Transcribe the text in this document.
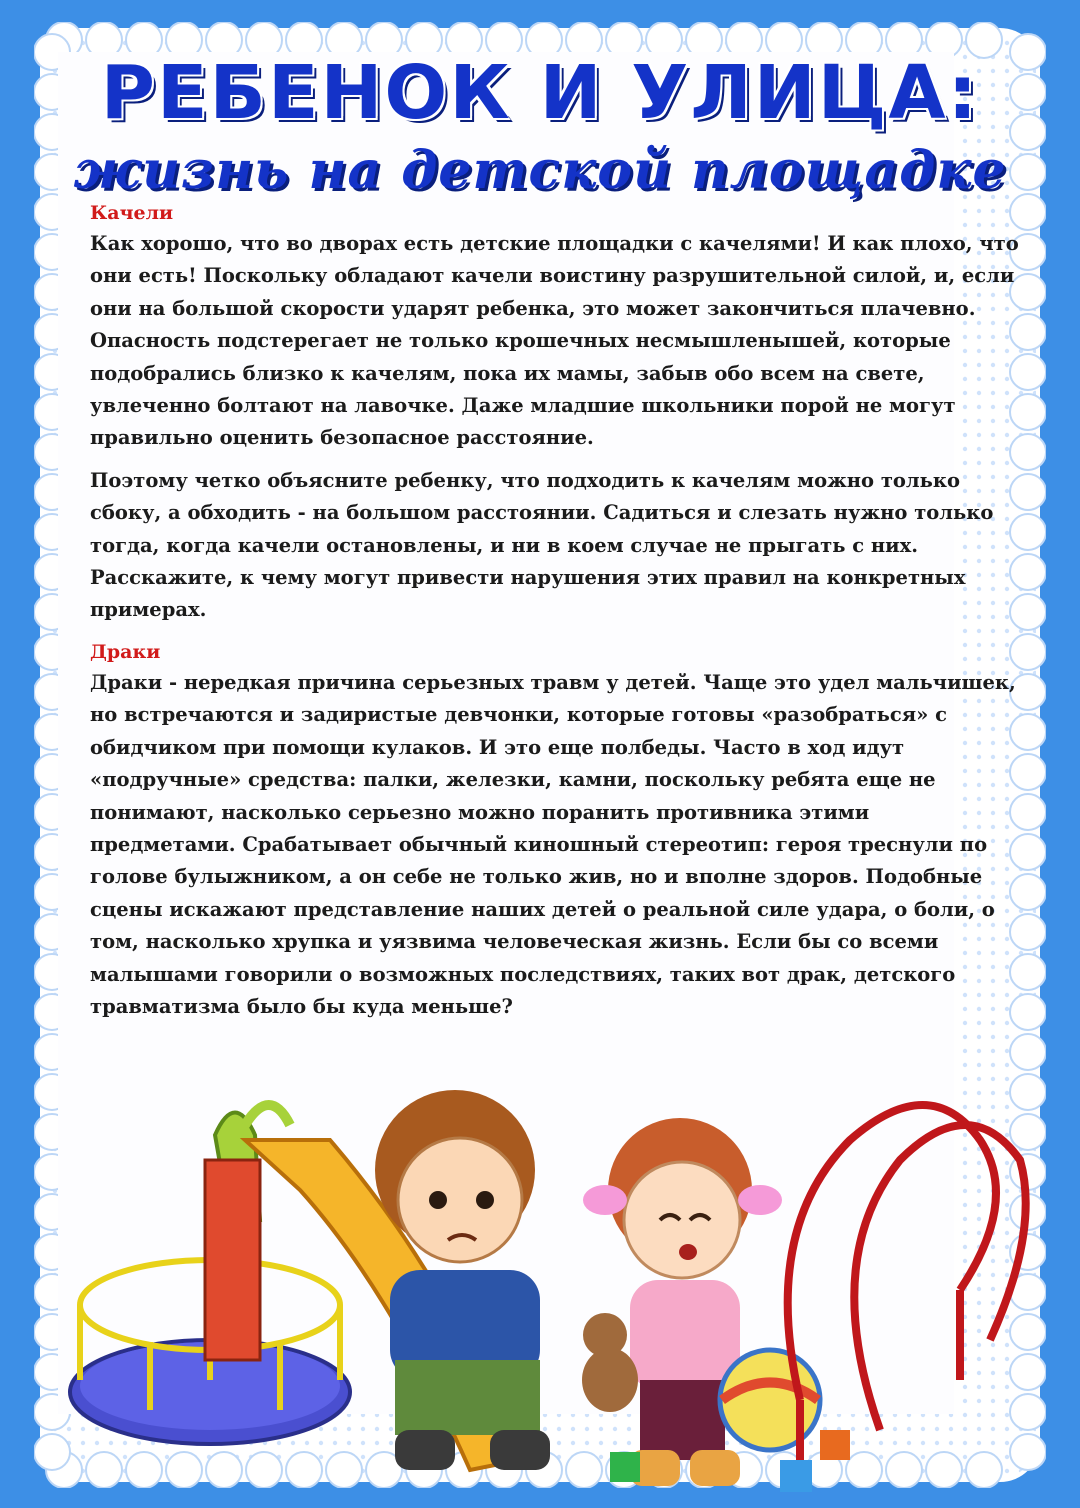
РЕБЕНОК И УЛИЦА:
жизнь на детской площадке

Качели

Как хорошо, что во дворах есть детские площадки с качелями! И как плохо, что они есть! Поскольку обладают качели воистину разрушительной силой, и, если они на большой скорости ударят ребенка, это может закончиться плачевно. Опасность подстерегает не только крошечных несмышленышей, которые подобрались близко к качелям, пока их мамы, забыв обо всем на свете, увлеченно болтают на лавочке. Даже младшие школьники порой не могут правильно оценить безопасное расстояние.

Поэтому четко объясните ребенку, что подходить к качелям можно только сбоку, а обходить - на большом расстоянии. Садиться и слезать нужно только тогда, когда качели остановлены, и ни в коем случае не прыгать с них. Расскажите, к чему могут привести нарушения этих правил на конкретных примерах.

Драки

Драки - нередкая причина серьезных травм у детей. Чаще это удел мальчишек, но встречаются и задиристые девчонки, которые готовы «разобраться» с обидчиком при помощи кулаков. И это еще полбеды. Часто в ход идут «подручные» средства: палки, железки, камни, поскольку ребята еще не понимают, насколько серьезно можно поранить противника этими предметами. Срабатывает обычный киношный стереотип: героя треснули по голове булыжником, а он себе не только жив, но и вполне здоров. Подобные сцены искажают представление наших детей о реальной силе удара, о боли, о том, насколько хрупка и уязвима человеческая жизнь. Если бы со всеми малышами говорили о возможных последствиях, таких вот драк, детского травматизма было бы куда меньше?
